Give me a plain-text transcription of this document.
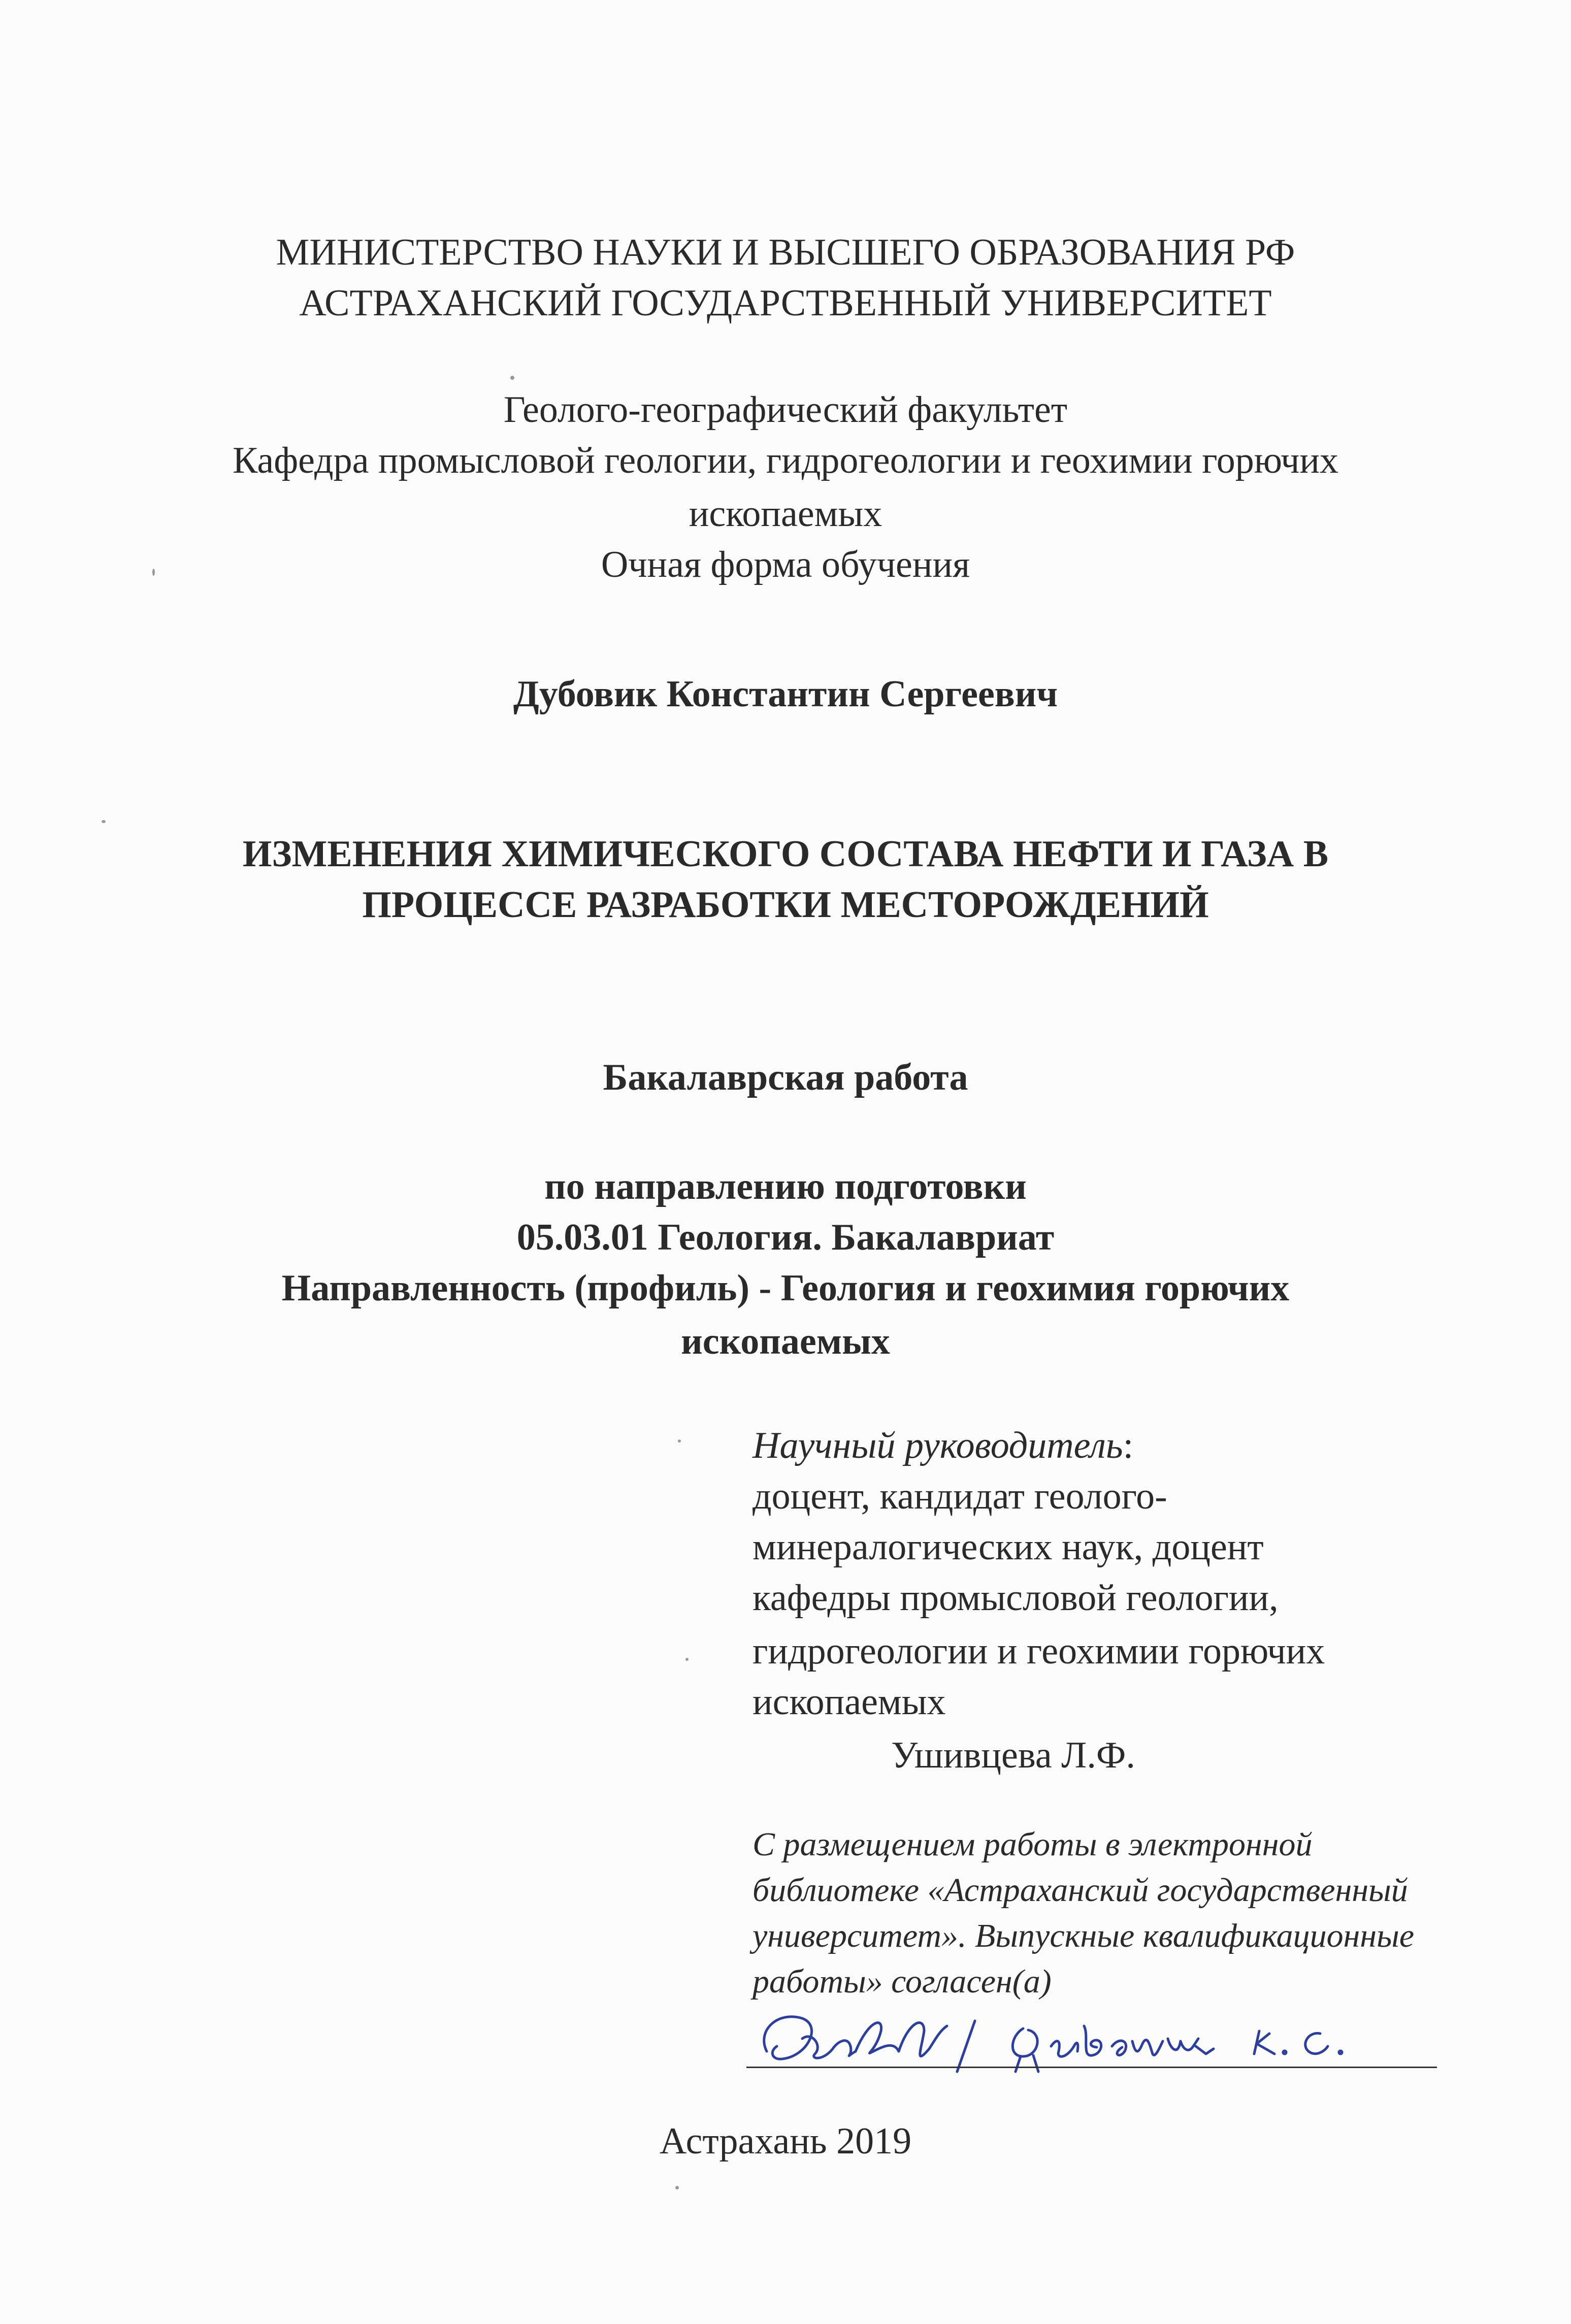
МИНИСТЕРСТВО НАУКИ И ВЫСШЕГО ОБРАЗОВАНИЯ РФ
АСТРАХАНСКИЙ ГОСУДАРСТВЕННЫЙ УНИВЕРСИТЕТ
Геолого-географический факультет
Кафедра промысловой геологии, гидрогеологии и геохимии горючих
ископаемых
Очная форма обучения
Дубовик Константин Сергеевич
ИЗМЕНЕНИЯ ХИМИЧЕСКОГО СОСТАВА НЕФТИ И ГАЗА В
ПРОЦЕССЕ РАЗРАБОТКИ МЕСТОРОЖДЕНИЙ
Бакалаврская работа
по направлению подготовки
05.03.01 Геология. Бакалавриат
Направленность (профиль) - Геология и геохимия горючих
ископаемых
Научный руководитель:
доцент, кандидат геолого-
минералогических наук, доцент
кафедры промысловой геологии,
гидрогеологии и геохимии горючих
ископаемых
Ушивцева Л.Ф.
С размещением работы в электронной
библиотеке «Астраханский государственный
университет». Выпускные квалификационные
работы» согласен(а)
Астрахань 2019
